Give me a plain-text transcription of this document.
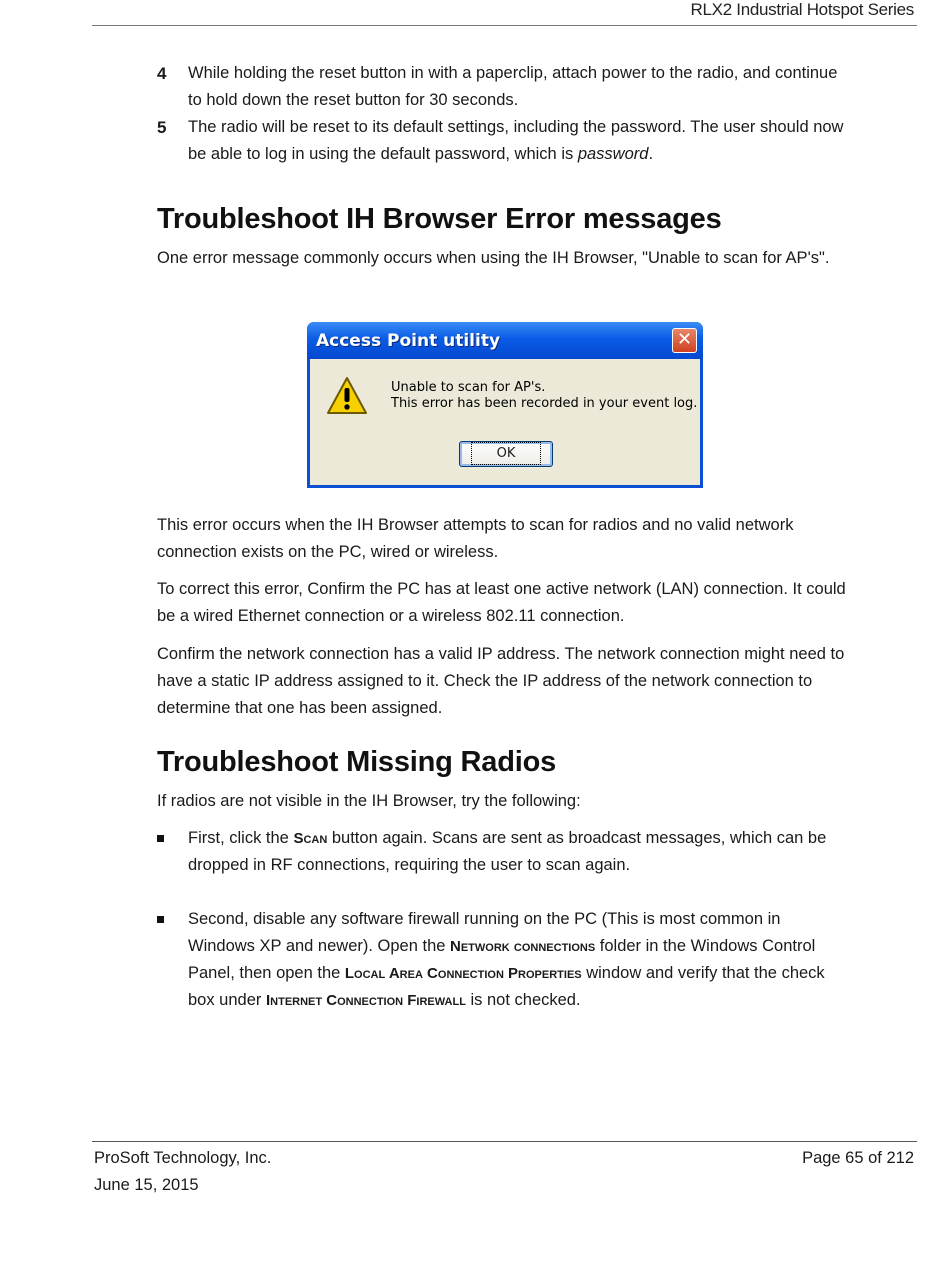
RLX2 Industrial Hotspot Series
4 While holding the reset button in with a paperclip, attach power to the radio, and continue to hold down the reset button for 30 seconds.
5 The radio will be reset to its default settings, including the password. The user should now be able to log in using the default password, which is password.
Troubleshoot IH Browser Error messages

One error message commonly occurs when using the IH Browser, "Unable to scan for AP's".

Access Point utility	✕
Unable to scan for AP's.
This error has been recorded in your event log.
OK

This error occurs when the IH Browser attempts to scan for radios and no valid network connection exists on the PC, wired or wireless.

To correct this error, Confirm the PC has at least one active network (LAN) connection. It could be a wired Ethernet connection or a wireless 802.11 connection.

Confirm the network connection has a valid IP address. The network connection might need to have a static IP address assigned to it. Check the IP address of the network connection to determine that one has been assigned.

Troubleshoot Missing Radios

If radios are not visible in the IH Browser, try the following:

First, click the Scan button again. Scans are sent as broadcast messages, which can be dropped in RF connections, requiring the user to scan again.
Second, disable any software firewall running on the PC (This is most common in Windows XP and newer). Open the Network connections folder in the Windows Control Panel, then open the Local Area Connection Properties window and verify that the check box under Internet Connection Firewall is not checked.
ProSoft Technology, Inc.
June 15, 2015
Page 65 of 212
